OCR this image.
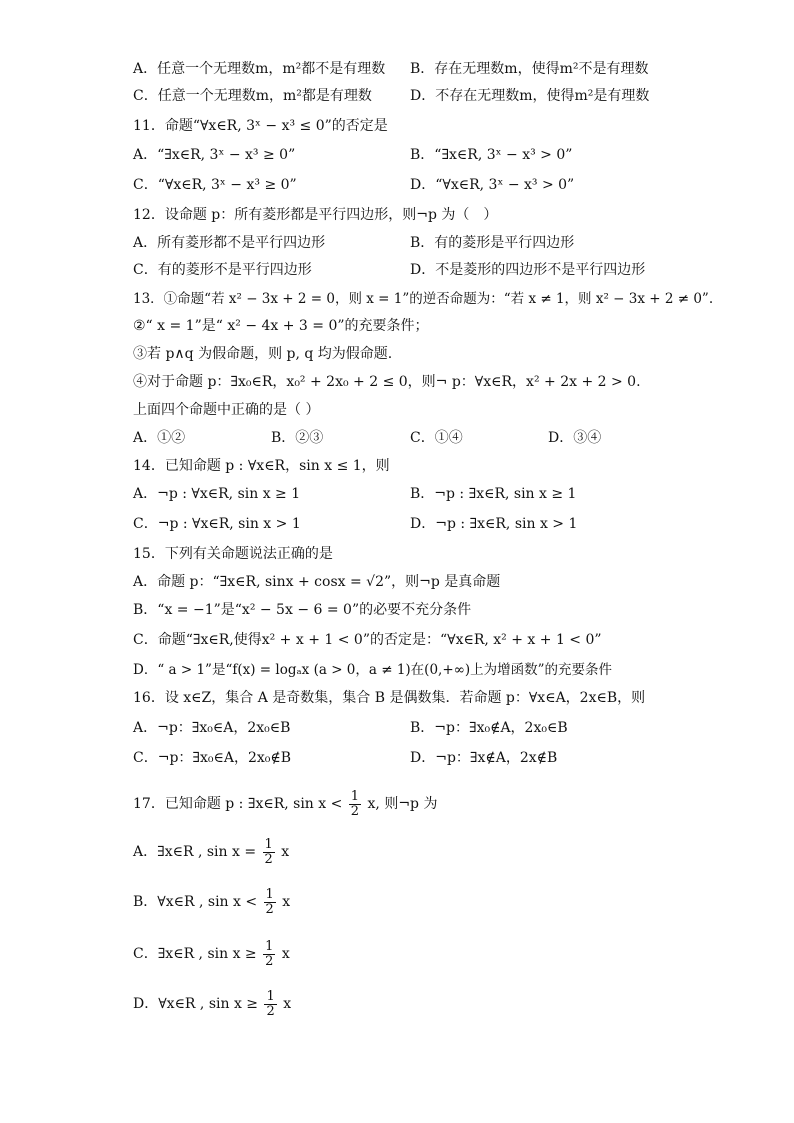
A．任意一个无理数m，m²都不是有理数 B．存在无理数m，使得m²不是有理数
C．任意一个无理数m，m²都是有理数	D．不存在无理数m，使得m²是有理数
11．命题“∀x∈R, 3ˣ − x³ ≤ 0”的否定是
A．“∃x∈R, 3ˣ − x³ ≥ 0”	B．“∃x∈R, 3ˣ − x³ > 0”
C．“∀x∈R, 3ˣ − x³ ≥ 0”	D．“∀x∈R, 3ˣ − x³ > 0”
12．设命题 p：所有菱形都是平行四边形，则¬p 为（　）
A．所有菱形都不是平行四边形	B．有的菱形是平行四边形
C．有的菱形不是平行四边形	D．不是菱形的四边形不是平行四边形
13．①命题“若 x² − 3x + 2 = 0，则 x = 1”的逆否命题为：“若 x ≠ 1，则 x² − 3x + 2 ≠ 0”.
②“ x = 1”是“ x² − 4x + 3 = 0”的充要条件；
③若 p∧q 为假命题，则 p, q 均为假命题.
④对于命题 p：∃x₀∈R，x₀² + 2x₀ + 2 ≤ 0，则¬ p：∀x∈R，x² + 2x + 2 > 0.
上面四个命题中正确的是（ ）
A．①②	B．②③	C．①④	D．③④
14．已知命题 p : ∀x∈R，sin x ≤ 1，则
A．¬p : ∀x∈R, sin x ≥ 1	B．¬p : ∃x∈R, sin x ≥ 1
C．¬p : ∀x∈R, sin x > 1	D．¬p : ∃x∈R, sin x > 1
15．下列有关命题说法正确的是
A．命题 p：“∃x∈R, sinx + cosx = √2”，则¬p 是真命题
B．“x = −1”是“x² − 5x − 6 = 0”的必要不充分条件
C．命题“∃x∈R,使得x² + x + 1 < 0”的否定是：“∀x∈R, x² + x + 1 < 0”
D．“ a > 1”是“f(x) = logₐx (a > 0，a ≠ 1)在(0,+∞)上为增函数”的充要条件
16．设 x∈Z，集合 A 是奇数集，集合 B 是偶数集．若命题 p：∀x∈A，2x∈B，则
A．¬p：∃x₀∈A，2x₀∈B	B．¬p：∃x₀∉A，2x₀∈B
C．¬p：∃x₀∈A，2x₀∉B	D．¬p：∃x∉A，2x∉B
17．已知命题 p : ∃x∈R, $\sin x < \frac{1}{2} x$, 则¬p 为
A．∃x∈R , $\sin x = \frac{1}{2}$ x
B．∀x∈R , $\sin x < \frac{1}{2}$ x
C．∃x∈R , $\sin x \ge \frac{1}{2}$ x
D．∀x∈R , $\sin x \ge \frac{1}{2}$ x
